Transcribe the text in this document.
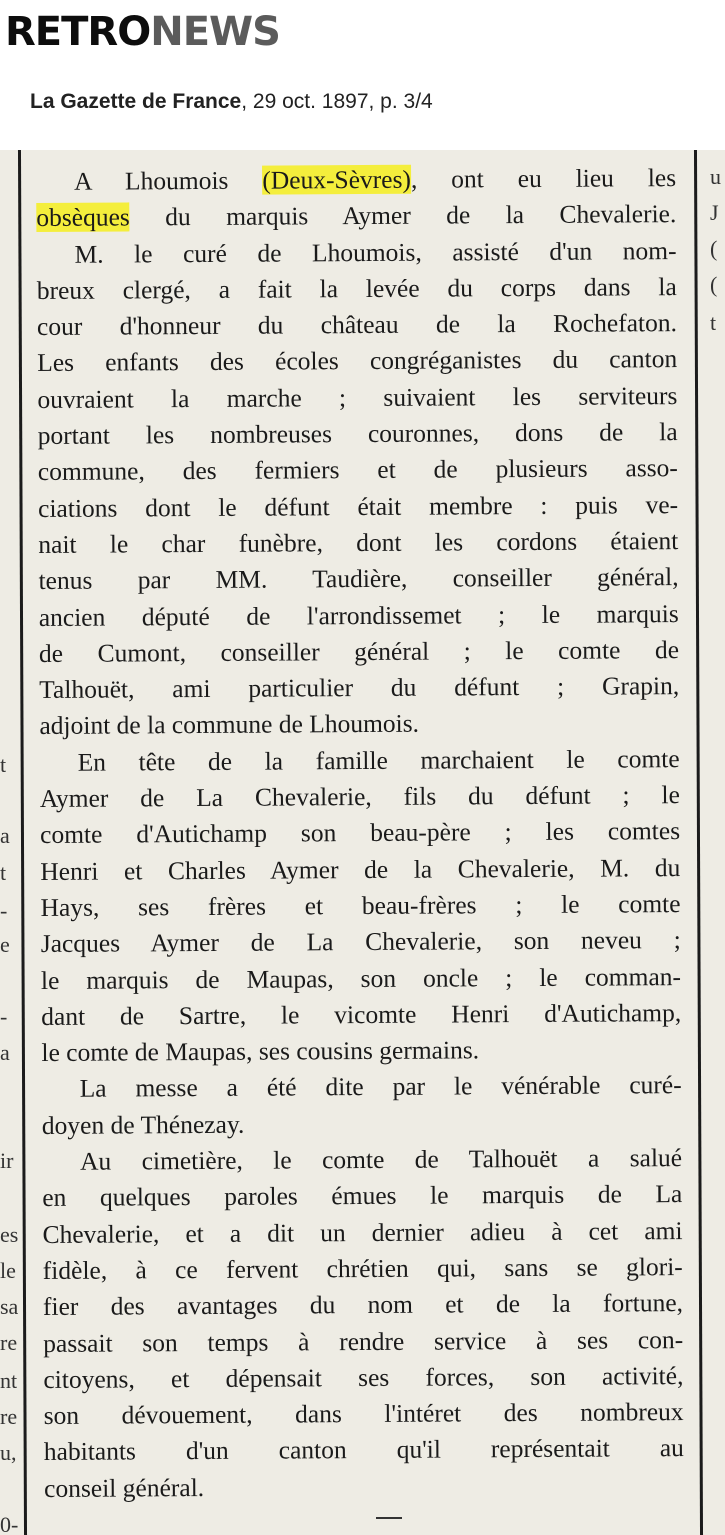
RETRONEWS
La Gazette de France, 29 oct. 1897, p. 3/4
t
a
t
-
e
-
a
ir
es
le
sa
re
nt
re
u,
0-
u
J
(
(
t
A Lhoumois (Deux-Sèvres), ont eu lieu les
obsèques du marquis Aymer de la Chevalerie.
M. le curé de Lhoumois, assisté d'un nom-
breux clergé, a fait la levée du corps dans la
cour d'honneur du château de la Rochefaton.
Les enfants des écoles congréganistes du canton
ouvraient la marche ; suivaient les serviteurs
portant les nombreuses couronnes, dons de la
commune, des fermiers et de plusieurs asso-
ciations dont le défunt était membre : puis ve-
nait le char funèbre, dont les cordons étaient
tenus par MM. Taudière, conseiller général,
ancien député de l'arrondissemet ; le marquis
de Cumont, conseiller général ; le comte de
Talhouët, ami particulier du défunt ; Grapin,
adjoint de la commune de Lhoumois.
En tête de la famille marchaient le comte
Aymer de La Chevalerie, fils du défunt ; le
comte d'Autichamp son beau-père ; les comtes
Henri et Charles Aymer de la Chevalerie, M. du
Hays, ses frères et beau-frères ; le comte
Jacques Aymer de La Chevalerie, son neveu ;
le marquis de Maupas, son oncle ; le comman-
dant de Sartre, le vicomte Henri d'Autichamp,
le comte de Maupas, ses cousins germains.
La messe a été dite par le vénérable curé-
doyen de Thénezay.
Au cimetière, le comte de Talhouët a salué
en quelques paroles émues le marquis de La
Chevalerie, et a dit un dernier adieu à cet ami
fidèle, à ce fervent chrétien qui, sans se glori-
fier des avantages du nom et de la fortune,
passait son temps à rendre service à ses con-
citoyens, et dépensait ses forces, son activité,
son dévouement, dans l'intéret des nombreux
habitants d'un canton qu'il représentait au
conseil général.
